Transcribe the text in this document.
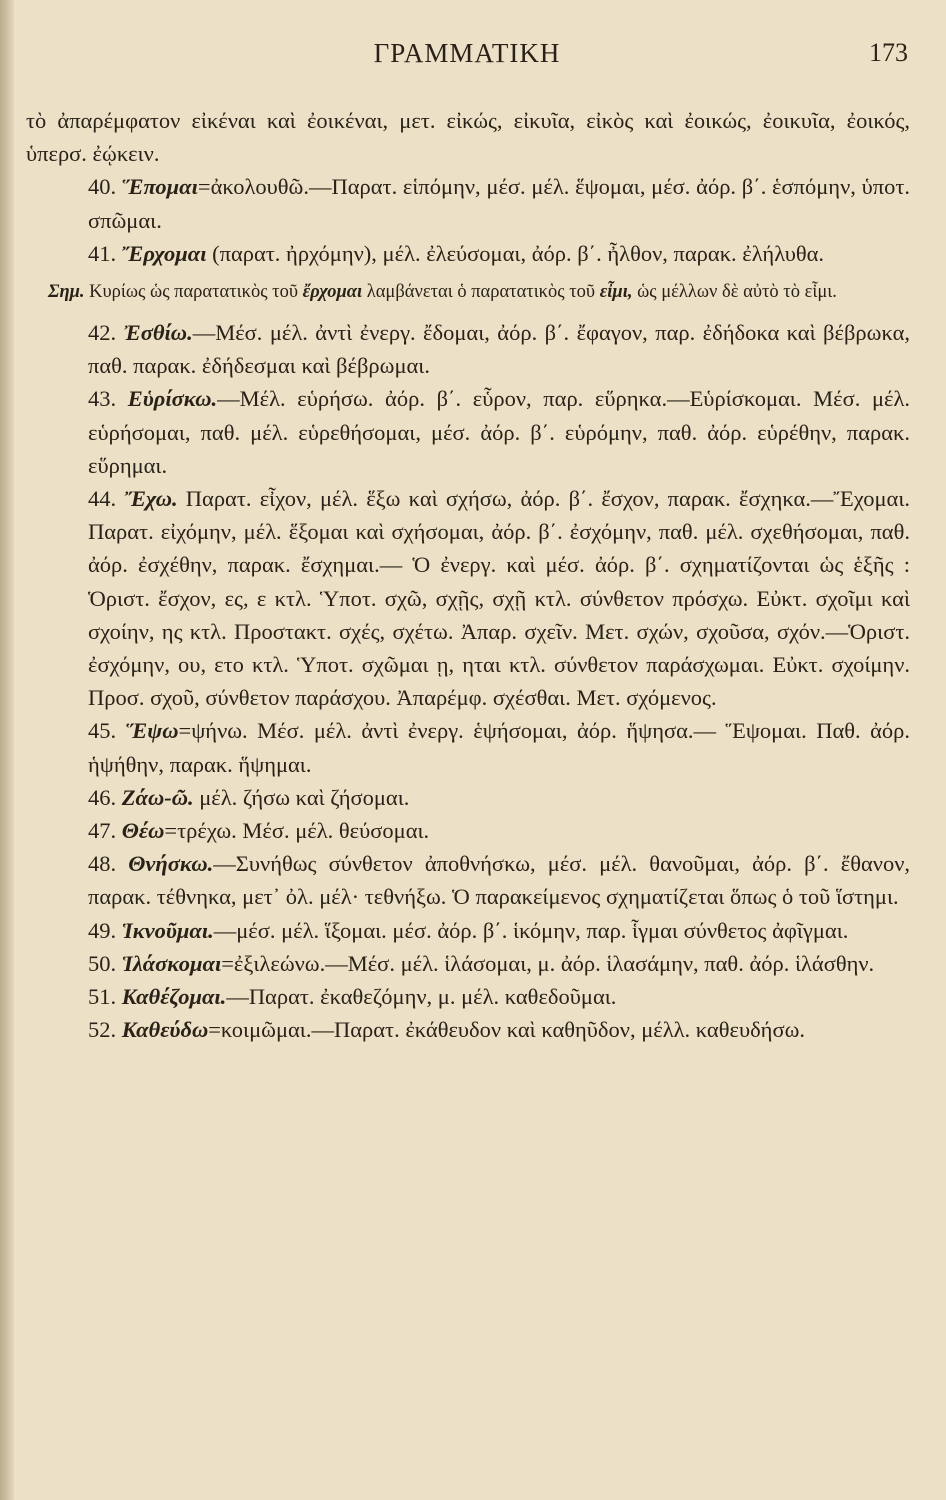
ΓΡΑΜΜΑΤΙΚΗ	173

τὸ ἀπαρέμφατον εἰκέναι καὶ ἐοικέναι, μετ. εἰκώς, εἰκυῖα, εἰκὸς καὶ ἐοικώς, ἐοικυῖα, ἐοικός, ὑπερσ. ἐῴκειν.

40. Ἕπομαι=ἀκολουθῶ.—Παρατ. εἱπόμην, μέσ. μέλ. ἕψομαι, μέσ. ἀόρ. β΄. ἑσπόμην, ὑποτ. σπῶμαι.

41. Ἔρχομαι (παρατ. ἠρχόμην), μέλ. ἐλεύσομαι, ἀόρ. β΄. ἦλθον, παρακ. ἐλήλυθα.

Σημ. Κυρίως ὡς παρατατικὸς τοῦ ἔρχομαι λαμβάνεται ὁ παρατατικὸς τοῦ εἶμι, ὡς μέλλων δὲ αὐτὸ τὸ εἶμι.

42. Ἐσθίω.—Μέσ. μέλ. ἀντὶ ἐνεργ. ἔδομαι, ἀόρ. β΄. ἔφαγον, παρ. ἐδήδοκα καὶ βέβρωκα, παθ. παρακ. ἐδήδεσμαι καὶ βέβρωμαι.

43. Εὑρίσκω.—Μέλ. εὑρήσω. ἀόρ. β΄. εὗρον, παρ. εὕρηκα.—Εὑρίσκομαι. Μέσ. μέλ. εὑρήσομαι, παθ. μέλ. εὑρεθήσομαι, μέσ. ἀόρ. β΄. εὑρόμην, παθ. ἀόρ. εὑρέθην, παρακ. εὕρημαι.

44. Ἔχω. Παρατ. εἶχον, μέλ. ἕξω καὶ σχήσω, ἀόρ. β΄. ἔσχον, παρακ. ἔσχηκα.—Ἔχομαι. Παρατ. εἰχόμην, μέλ. ἕξομαι καὶ σχήσομαι, ἀόρ. β΄. ἐσχόμην, παθ. μέλ. σχεθήσομαι, παθ. ἀόρ. ἐσχέθην, παρακ. ἔσχημαι.— Ὁ ἐνεργ. καὶ μέσ. ἀόρ. β΄. σχηματίζονται ὡς ἑξῆς : Ὁριστ. ἔσχον, ες, ε κτλ. Ὑποτ. σχῶ, σχῇς, σχῇ κτλ. σύνθετον πρόσχω. Εὐκτ. σχοῖμι καὶ σχοίην, ης κτλ. Προστακτ. σχές, σχέτω. Ἀπαρ. σχεῖν. Μετ. σχών, σχοῦσα, σχόν.—Ὁριστ. ἐσχόμην, ου, ετο κτλ. Ὑποτ. σχῶμαι ῃ, ηται κτλ. σύνθετον παράσχωμαι. Εὐκτ. σχοίμην. Προσ. σχοῦ, σύνθετον παράσχου. Ἀπαρέμφ. σχέσθαι. Μετ. σχόμενος.

45. Ἕψω=ψήνω. Μέσ. μέλ. ἀντὶ ἐνεργ. ἑψήσομαι, ἀόρ. ἥψησα.— Ἕψομαι. Παθ. ἀόρ. ἡψήθην, παρακ. ἥψημαι.

46. Ζάω-ῶ. μέλ. ζήσω καὶ ζήσομαι.

47. Θέω=τρέχω. Μέσ. μέλ. θεύσομαι.

48. Θνήσκω.—Συνήθως σύνθετον ἀποθνήσκω, μέσ. μέλ. θανοῦμαι, ἀόρ. β΄. ἔθανον, παρακ. τέθνηκα, μετ᾽ ὀλ. μέλ· τεθνήξω. Ὁ παρακείμενος σχηματίζεται ὅπως ὁ τοῦ ἵστημι.

49. Ἱκνοῦμαι.—μέσ. μέλ. ἵξομαι. μέσ. ἀόρ. β΄. ἱκόμην, παρ. ἷγμαι σύνθετος ἀφῖγμαι.

50. Ἱλάσκομαι=ἐξιλεώνω.—Μέσ. μέλ. ἱλάσομαι, μ. ἀόρ. ἱλασάμην, παθ. ἀόρ. ἱλάσθην.

51. Καθέζομαι.—Παρατ. ἐκαθεζόμην, μ. μέλ. καθεδοῦμαι.

52. Καθεύδω=κοιμῶμαι.—Παρατ. ἐκάθευδον καὶ καθηῦδον, μέλλ. καθευδήσω.
